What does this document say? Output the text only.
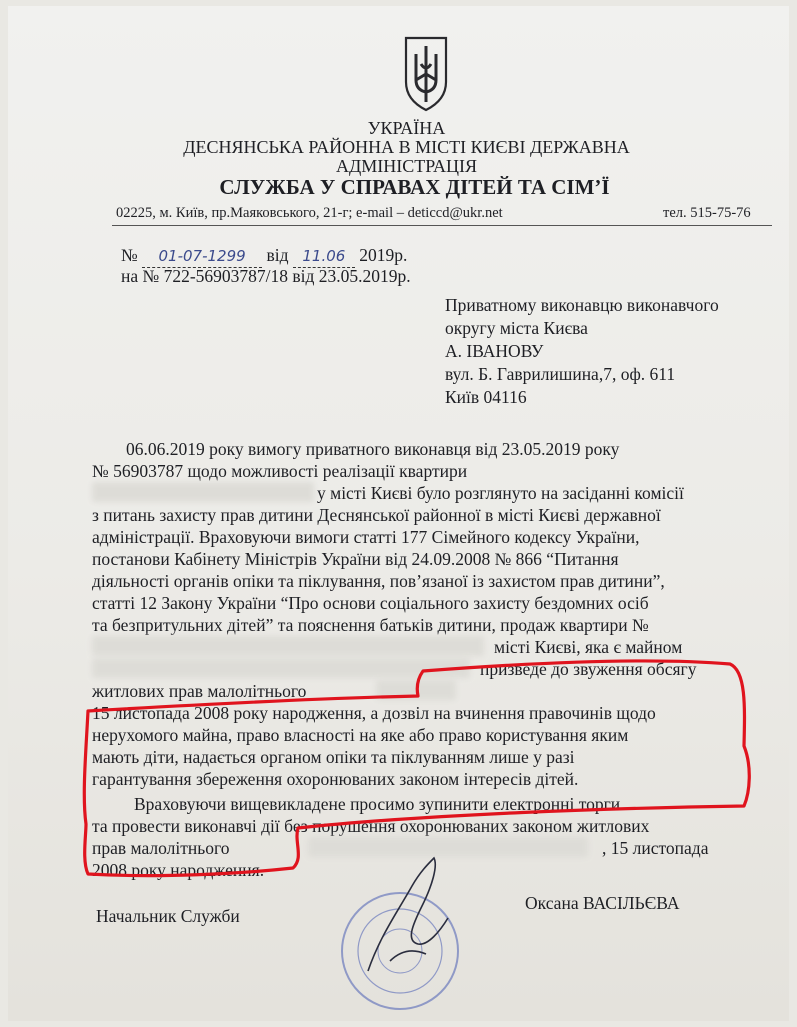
УКРАЇНА
ДЕСНЯНСЬКА РАЙОННА В МІСТІ КИЄВІ ДЕРЖАВНА
АДМІНІСТРАЦІЯ
СЛУЖБА У СПРАВАХ ДІТЕЙ ТА СІМ’Ї
02225, м. Київ, пр.Маяковського, 21-г; e-mail – deticcd@ukr.net	тел. 515-75-76
№ 01-07-1299 від 11.06 2019р.
на № 722-56903787/18 від 23.05.2019р.
Приватному виконавцю виконавчого
округу міста Києва
А. ІВАНОВУ
вул. Б. Гаврилишина,7, оф. 611
Київ 04116
06.06.2019 року вимогу приватного виконавця від 23.05.2019 року
№ 56903787 щодо можливості реалізації квартири
у місті Києві було розглянуто на засіданні комісії
з питань захисту прав дитини Деснянської районної в місті Києві державної
адміністрації. Враховуючи вимоги статті 177 Сімейного кодексу України,
постанови Кабінету Міністрів України від 24.09.2008 № 866 “Питання
діяльності органів опіки та піклування, пов’язаної із захистом прав дитини”,
статті 12 Закону України “Про основи соціального захисту бездомних осіб
та безпритульних дітей” та пояснення батьків дитини, продаж квартири №
місті Києві, яка є майном
призведе до звуження обсягу
житлових прав малолітнього
15 листопада 2008 року народження, а дозвіл на вчинення правочинів щодо
нерухомого майна, право власності на яке або право користування яким
мають діти, надається органом опіки та піклуванням лише у разі
гарантування збереження охоронюваних законом інтересів дітей.
Враховуючи вищевикладене просимо зупинити електронні торги
та провести виконавчі дії без порушення охоронюваних законом житлових
прав малолітнього	, 15 листопада
2008 року народження.
Начальник Служби
Оксана ВАСІЛЬЄВА
